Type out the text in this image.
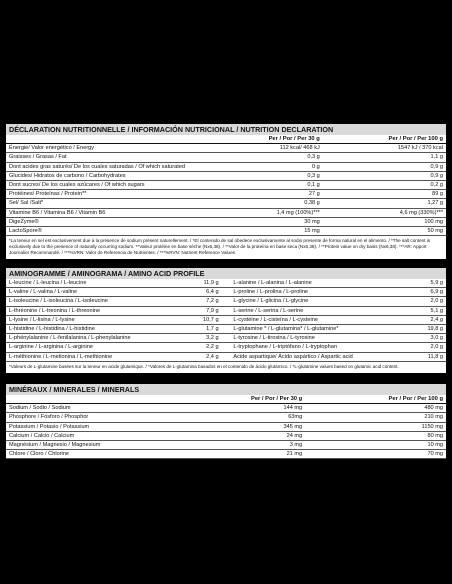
DÉCLARATION NUTRITIONNELLE / INFORMACIÓN NUTRICIONAL / NUTRITION DECLARATION
	Per / Por / Per 30 g	Per / Por / Per 100 g
Énergie/ Valor energético / Energy	112 kcal/ 468 kJ	1547 kJ / 370 kcal
Graisses / Grasas / Fat	0,3 g	1,1 g
Dont acides gras saturés/ De los cuales saturadas / Of which saturated	0 g	0,9 g
Glucides/ Hidratos de carbono / Carbohydrates	0,3 g	0,9 g
Dont sucres/ De los cuales azúcares / Of which sugars	0,1 g	0,2 g
Protéines/ Proteínas / Protein**	27 g	89 g
Sel/ Sal /Salt*	0,38 g	1,27 g
Vitamine B6 / Vitamina B6 / Vitamin B6	1,4 mg (100%)***	4,6 mg (330%)***
DigeZyme®	30 mg	100 mg
LactoSpore®	15 mg	50 mg
*La teneur en sel est exclusivement due à la présence de sodium présent naturellement. / *El contenido de sal obedece exclusivamente al sodio presente de forma natural en el alimento. / *The salt content is exclusively due to the presence of naturally occurring sodium. **Valeur protéine en base sèche (Nx6,38). / **Valor de la proteína en base seca (Nx6,38). / **Protein value on dry basis (Nx6,38). ***AR: Apport Journalier Recommandé. / ***%VRN: Valor de Referencia de Nutrientes. / ***%RVN: Nutrient Reference Values.
AMINOGRAMME / AMINOGRAMA / AMINO ACID PROFILE
L-leucine / L-leucina / L-leucine	11,9 g		L-alanine / L-alanina / L-alanine	5,9 g
L-valine / L-valina / L-valine	6,4 g		L-proline / L-prolina / L-proline	6,9 g
L-isoleucine / L-isoleucina / L-isoleucine	7,2 g		L-glycine / L-glicina / L-glycine	2,0 g
L-thréonine / L-treonina / L-threonine	7,9 g		L-serine / L-serina / L-serine	5,1 g
L-lysine / L-lisina / L-lysine	10,7 g		L-cystéine / L-cisteína / L-cysteine	2,4 g
L-histidine / L-histidina / L-histidine	1,7 g		L-glutamine * / L-glutamina* / L-glutamine*	19,8 g
L-phénylalanine / L-fenilalanina / L-phenylalanine	3,2 g		L-tyrosine / L-tirosina / L-tyrosine	3,0 g
L-arginine / L-arginina / L-arginine	2,2 g		L-tryptophane / L-triptófano / L-tryptophan	2,0 g
L-méthionine / L-metionina / L-methionine	2,4 g		Acide aspartique/ Ácido aspártico / Aspartic acid	11,8 g
*Valeurs de L-glutamine basées sur la teneur en acide glutamique. / *Valores de L-glutamina basados en el contenido de ácido glutámico. / *L-glutamine values based on glutamic acid content.
MINÉRAUX / MINERALES / MINERALS
	Per / Por / Per 30 g	Per / Por / Per 100 g
Sodium / Sodio / Sodium	144 mg	480 mg
Phosphore / Fósforo / Phosphor	63mg	210 mg
Potassium / Potasio / Potassium	345 mg	1150 mg
Calcium / Calcio / Calcium	24 mg	80 mg
Magnésium / Magnesio / Magnesium	3 mg	10 mg
Chlore / Cloro / Chlorine	21 mg	70 mg
